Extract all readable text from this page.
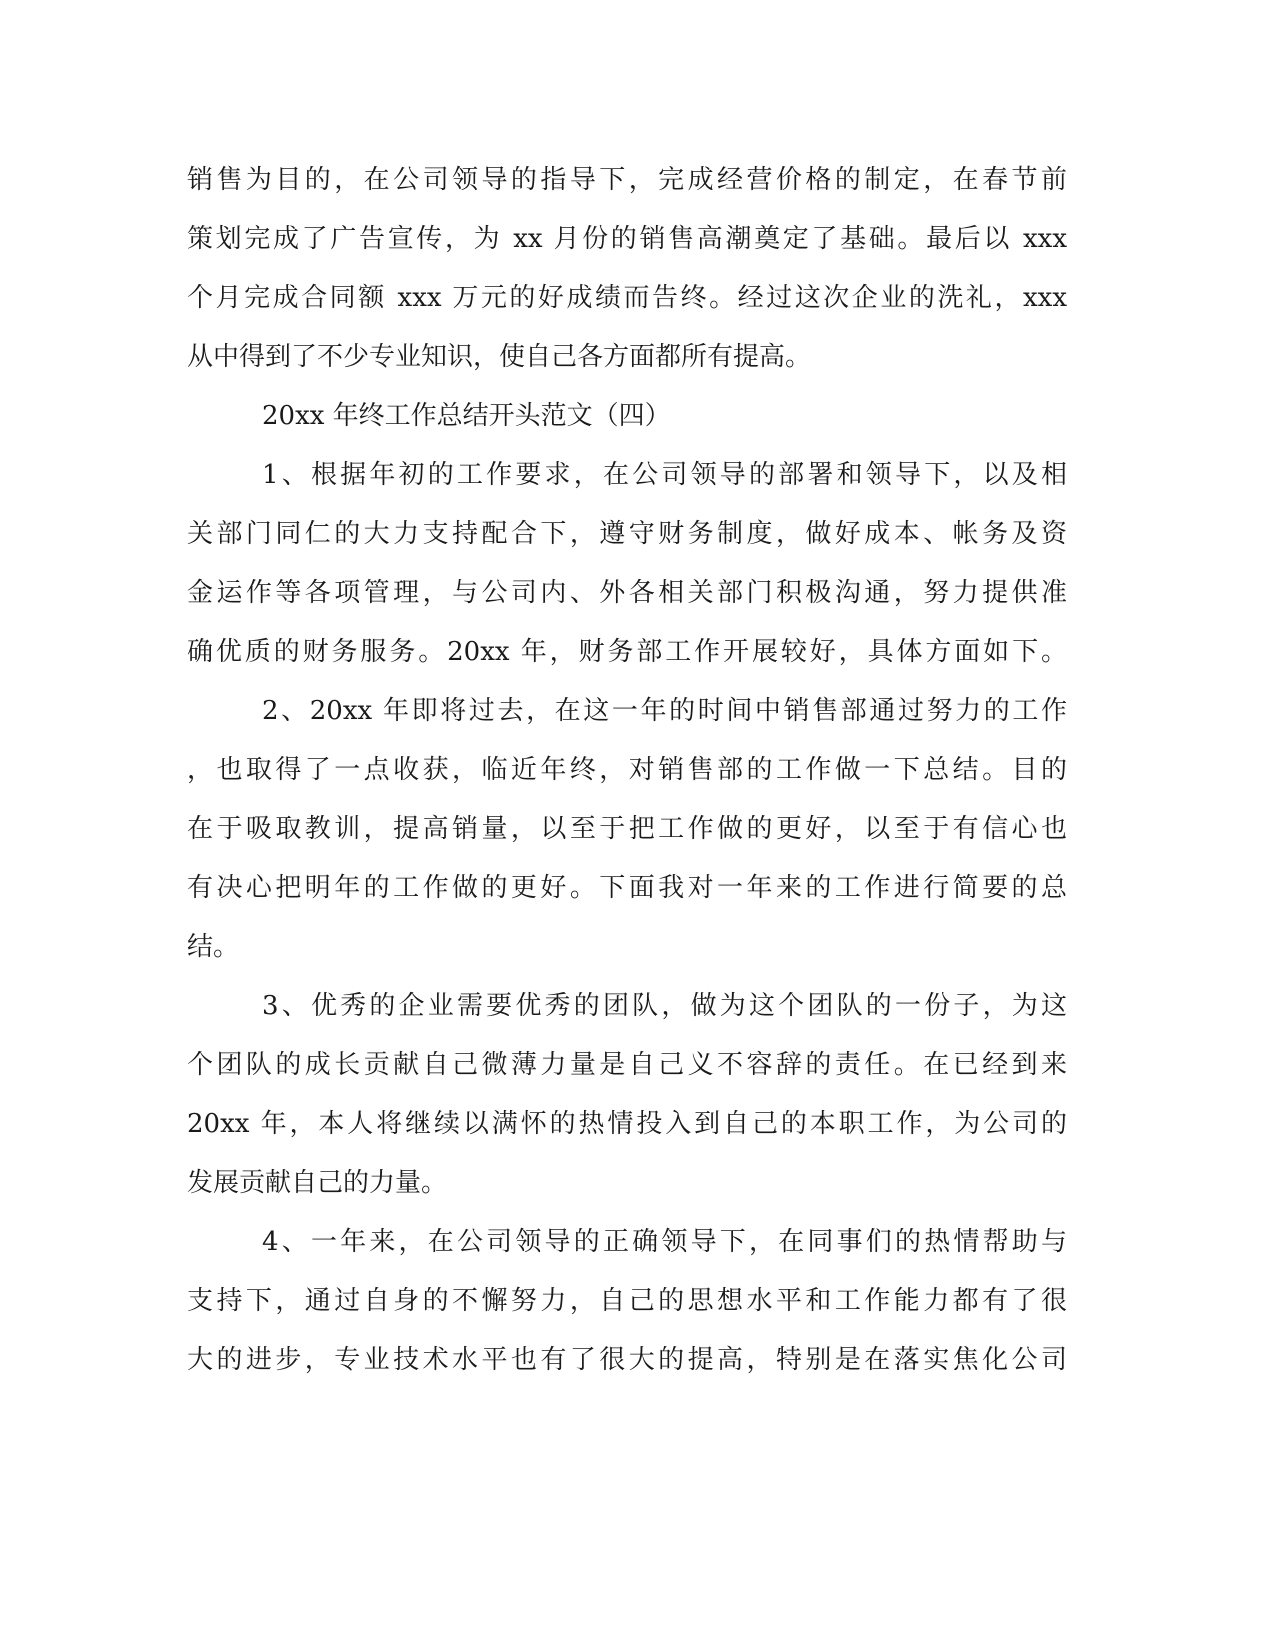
销售为目的，在公司领导的指导下，完成经营价格的制定，在春节前
策划完成了广告宣传，为 xx 月份的销售高潮奠定了基础。最后以 xxx
个月完成合同额 xxx 万元的好成绩而告终。经过这次企业的洗礼，xxx
从中得到了不少专业知识，使自己各方面都所有提高。
20xx 年终工作总结开头范文（四）
1、根据年初的工作要求，在公司领导的部署和领导下，以及相
关部门同仁的大力支持配合下，遵守财务制度，做好成本、帐务及资
金运作等各项管理，与公司内、外各相关部门积极沟通，努力提供准
确优质的财务服务。20xx 年，财务部工作开展较好，具体方面如下。
2、20xx 年即将过去，在这一年的时间中销售部通过努力的工作
，也取得了一点收获，临近年终，对销售部的工作做一下总结。目的
在于吸取教训，提高销量，以至于把工作做的更好，以至于有信心也
有决心把明年的工作做的更好。下面我对一年来的工作进行简要的总
结。
3、优秀的企业需要优秀的团队，做为这个团队的一份子，为这
个团队的成长贡献自己微薄力量是自己义不容辞的责任。在已经到来
20xx 年，本人将继续以满怀的热情投入到自己的本职工作，为公司的
发展贡献自己的力量。
4、一年来，在公司领导的正确领导下，在同事们的热情帮助与
支持下，通过自身的不懈努力，自己的思想水平和工作能力都有了很
大的进步，专业技术水平也有了很大的提高，特别是在落实焦化公司
